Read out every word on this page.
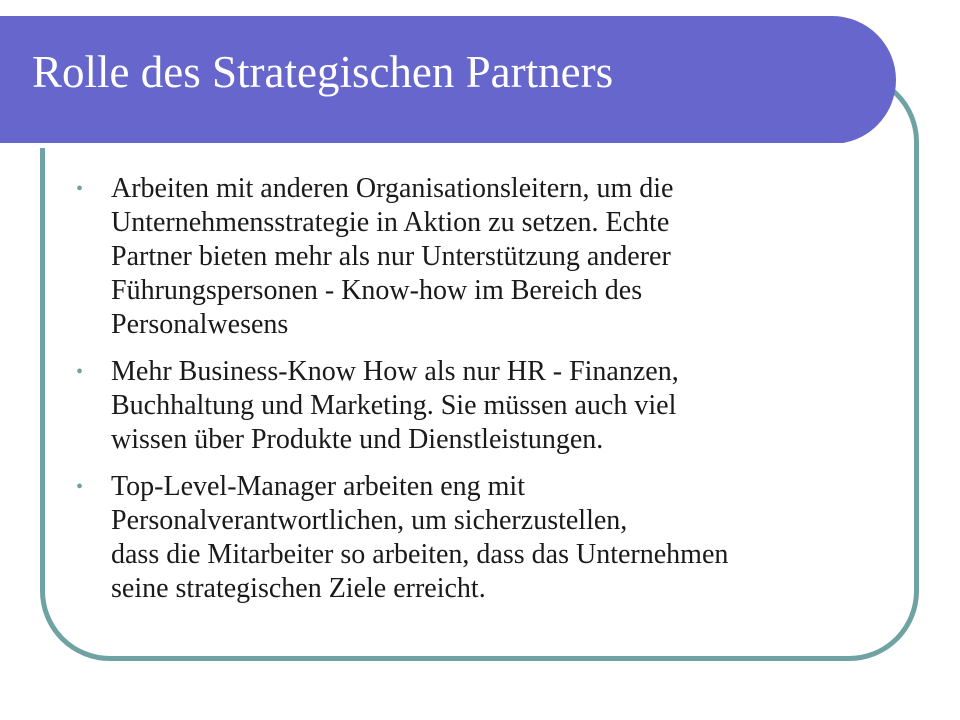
Rolle des Strategischen Partners
• Arbeiten mit anderen Organisationsleitern, um die
Unternehmensstrategie in Aktion zu setzen. Echte
Partner bieten mehr als nur Unterstützung anderer
Führungspersonen - Know-how im Bereich des
Personalwesens
• Mehr Business-Know How als nur HR - Finanzen,
Buchhaltung und Marketing. Sie müssen auch viel
wissen über Produkte und Dienstleistungen.
• Top-Level-Manager arbeiten eng mit
Personalverantwortlichen, um sicherzustellen,
dass die Mitarbeiter so arbeiten, dass das Unternehmen
seine strategischen Ziele erreicht.
